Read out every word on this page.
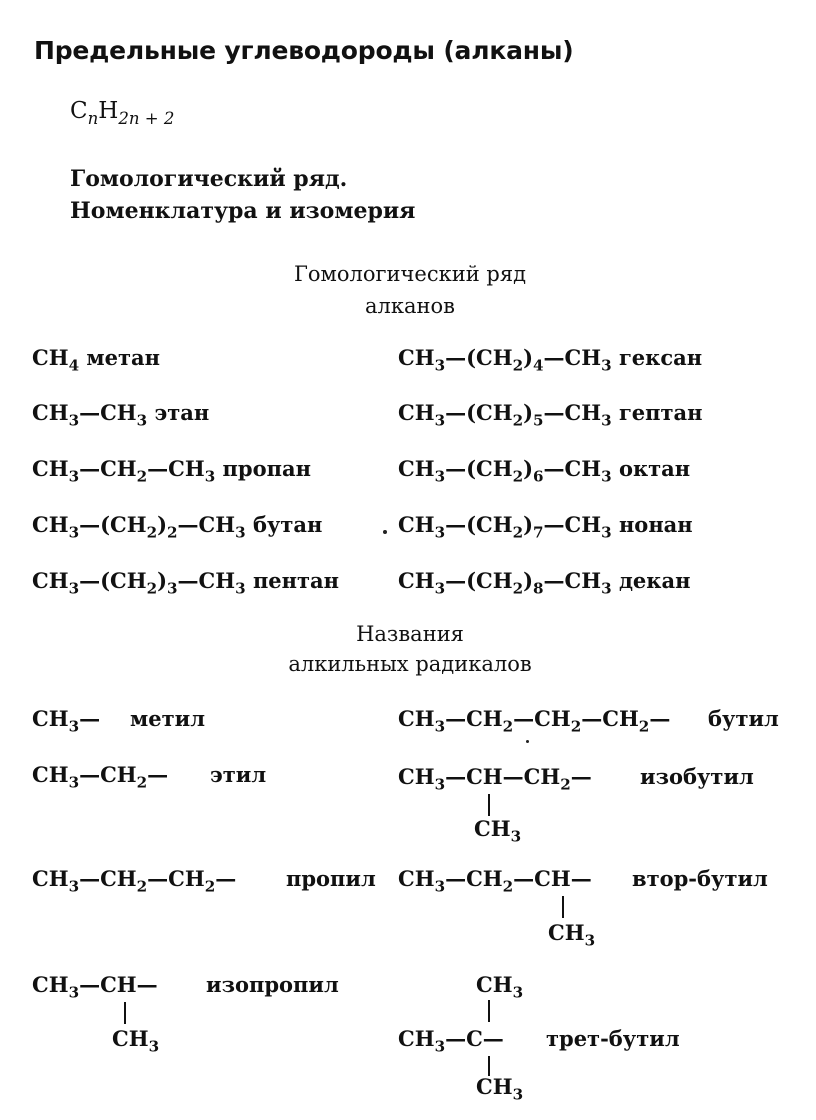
Предельные углеводороды (алканы)
$C_nH_{2n + 2}$
Гомологический ряд.
Номенклатура и изомерия
Гомологический ряд
алканов
$CH_4$ метан
$CH_3—CH_3$ этан
$CH_3—CH_2—CH_3$ пропан
$CH_3—(CH_2)_2—CH_3$ бутан
$CH_3—(CH_2)_3—CH_3$ пентан
$CH_3—(CH_2)_4—CH_3$ гексан
$CH_3—(CH_2)_5—CH_3$ гептан
$CH_3—(CH_2)_6—CH_3$ октан
$CH_3—(CH_2)_7—CH_3$ нонан
$CH_3—(CH_2)_8—CH_3$ декан
Названия
алкильных радикалов
$CH_3—$ метил
$CH_3—CH_2—$ этил
$CH_3—CH_2—CH_2—$ пропил
$CH_3—CH—$ изопропил
$CH_3$
$CH_3—CH_2—CH_2—CH_2—$ бутил
$CH_3—CH—CH_2—$ изобутил
$CH_3$
$CH_3—CH_2—CH—$ втор-бутил
$CH_3$
$CH_3$
$CH_3—C—$ трет-бутил
$CH_3$
